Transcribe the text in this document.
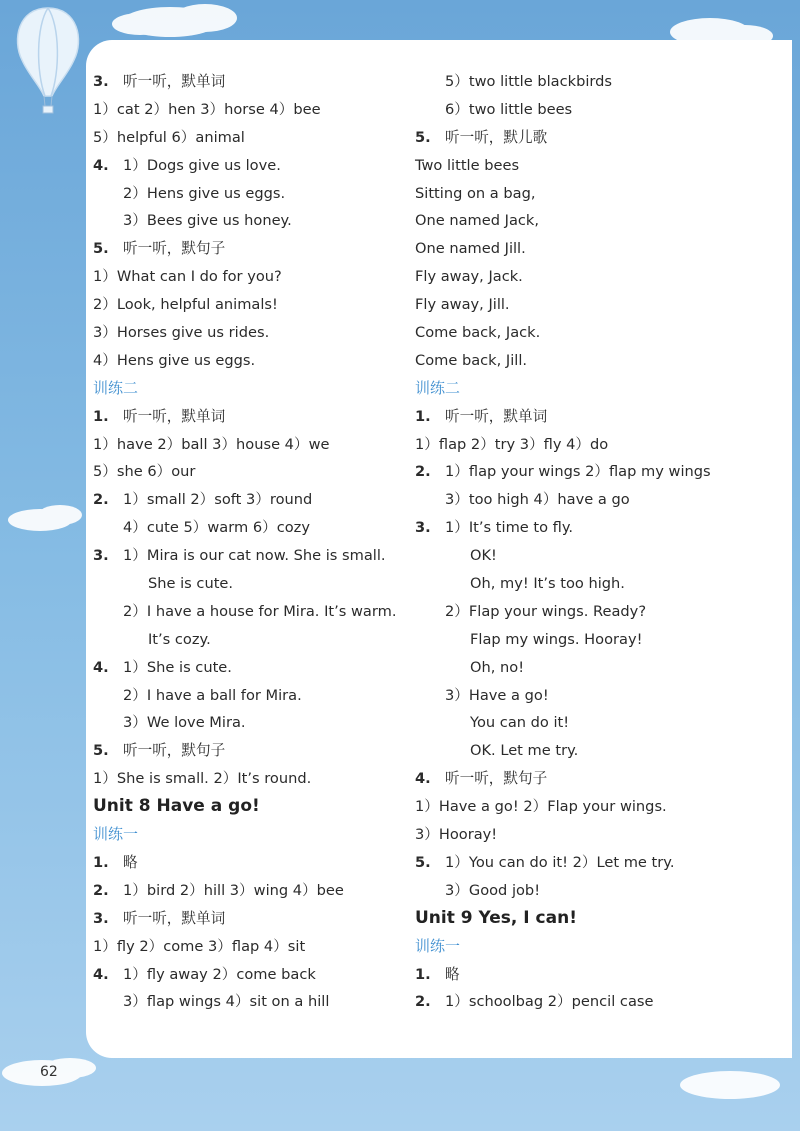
3. 听一听，默单词
1）cat 2）hen 3）horse 4）bee
5）helpful 6）animal
4. 1）Dogs give us love.
2）Hens give us eggs.
3）Bees give us honey.
5. 听一听，默句子
1）What can I do for you?
2）Look, helpful animals!
3）Horses give us rides.
4）Hens give us eggs.
训练二
1. 听一听，默单词
1）have 2）ball 3）house 4）we
5）she 6）our
2. 1）small 2）soft 3）round
4）cute 5）warm 6）cozy
3. 1）Mira is our cat now. She is small.
She is cute.
2）I have a house for Mira. It’s warm.
It’s cozy.
4. 1）She is cute.
2）I have a ball for Mira.
3）We love Mira.
5. 听一听，默句子
1）She is small. 2）It’s round.
Unit 8 Have a go!
训练一
1. 略
2. 1）bird 2）hill 3）wing 4）bee
3. 听一听，默单词
1）fly 2）come 3）flap 4）sit
4. 1）fly away 2）come back
3）flap wings 4）sit on a hill
5）two little blackbirds
6）two little bees
5. 听一听，默儿歌
Two little bees
Sitting on a bag,
One named Jack,
One named Jill.
Fly away, Jack.
Fly away, Jill.
Come back, Jack.
Come back, Jill.
训练二
1. 听一听，默单词
1）flap 2）try 3）fly 4）do
2. 1）flap your wings 2）flap my wings
3）too high 4）have a go
3. 1）It’s time to fly.
OK!
Oh, my! It’s too high.
2）Flap your wings. Ready?
Flap my wings. Hooray!
Oh, no!
3）Have a go!
You can do it!
OK. Let me try.
4. 听一听，默句子
1）Have a go! 2）Flap your wings.
3）Hooray!
5. 1）You can do it! 2）Let me try.
3）Good job!
Unit 9 Yes, I can!
训练一
1. 略
2. 1）schoolbag 2）pencil case
62
